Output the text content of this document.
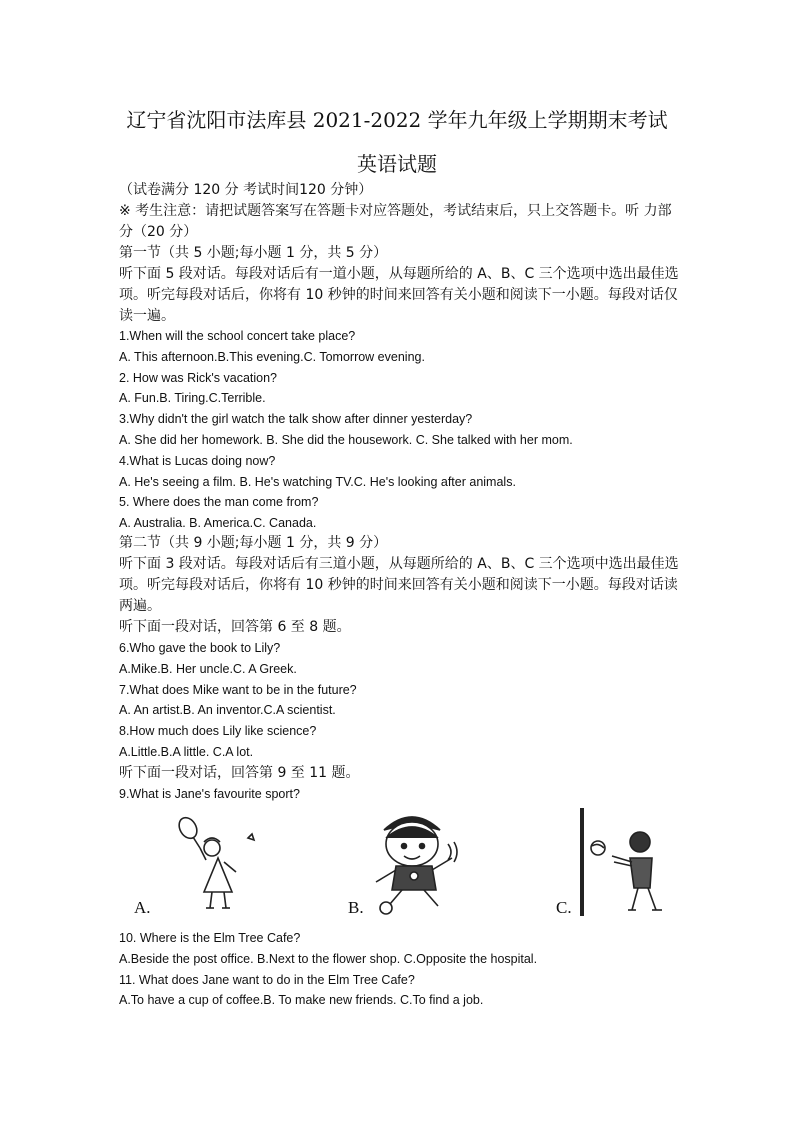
辽宁省沈阳市法库县 2021-2022 学年九年级上学期期末考试
英语试题
（试卷满分 120 分 考试时间120 分钟）
※ 考生注意：请把试题答案写在答题卡对应答题处，考试结束后，只上交答题卡。听 力部分（20 分）
第一节（共 5 小题;每小题 1 分，共 5 分）
听下面 5 段对话。每段对话后有一道小题，从每题所给的 A、B、C 三个选项中选出最佳选项。听完每段对话后，你将有 10 秒钟的时间来回答有关小题和阅读下一小题。每段对话仅读一遍。
1.When will the school concert take place?
A. This afternoon.B.This evening.C. Tomorrow evening.
2. How was Rick's vacation?
A. Fun.B. Tiring.C.Terrible.
3.Why didn't the girl watch the talk show after dinner yesterday?
A. She did her homework. B. She did the housework. C. She talked with her mom.
4.What is Lucas doing now?
A. He's seeing a film. B. He's watching TV.C. He's looking after animals.
5. Where does the man come from?
A. Australia. B. America.C. Canada.
第二节（共 9 小题;每小题 1 分，共 9 分）
听下面 3 段对话。每段对话后有三道小题，从每题所给的 A、B、C 三个选项中选出最佳选项。听完每段对话后，你将有 10 秒钟的时间来回答有关小题和阅读下一小题。每段对话读两遍。
听下面一段对话，回答第 6 至 8 题。
6.Who gave the book to Lily?
A.Mike.B. Her uncle.C. A Greek.
7.What does Mike want to be in the future?
A. An artist.B. An inventor.C.A scientist.
8.How much does Lily like science?
A.Little.B.A little. C.A lot.
听下面一段对话，回答第 9 至 11 题。
9.What is Jane's favourite sport?
A.	B.	C.
10. Where is the Elm Tree Cafe?
A.Beside the post office. B.Next to the flower shop. C.Opposite the hospital.
11. What does Jane want to do in the Elm Tree Cafe?
A.To have a cup of coffee.B. To make new friends. C.To find a job.
